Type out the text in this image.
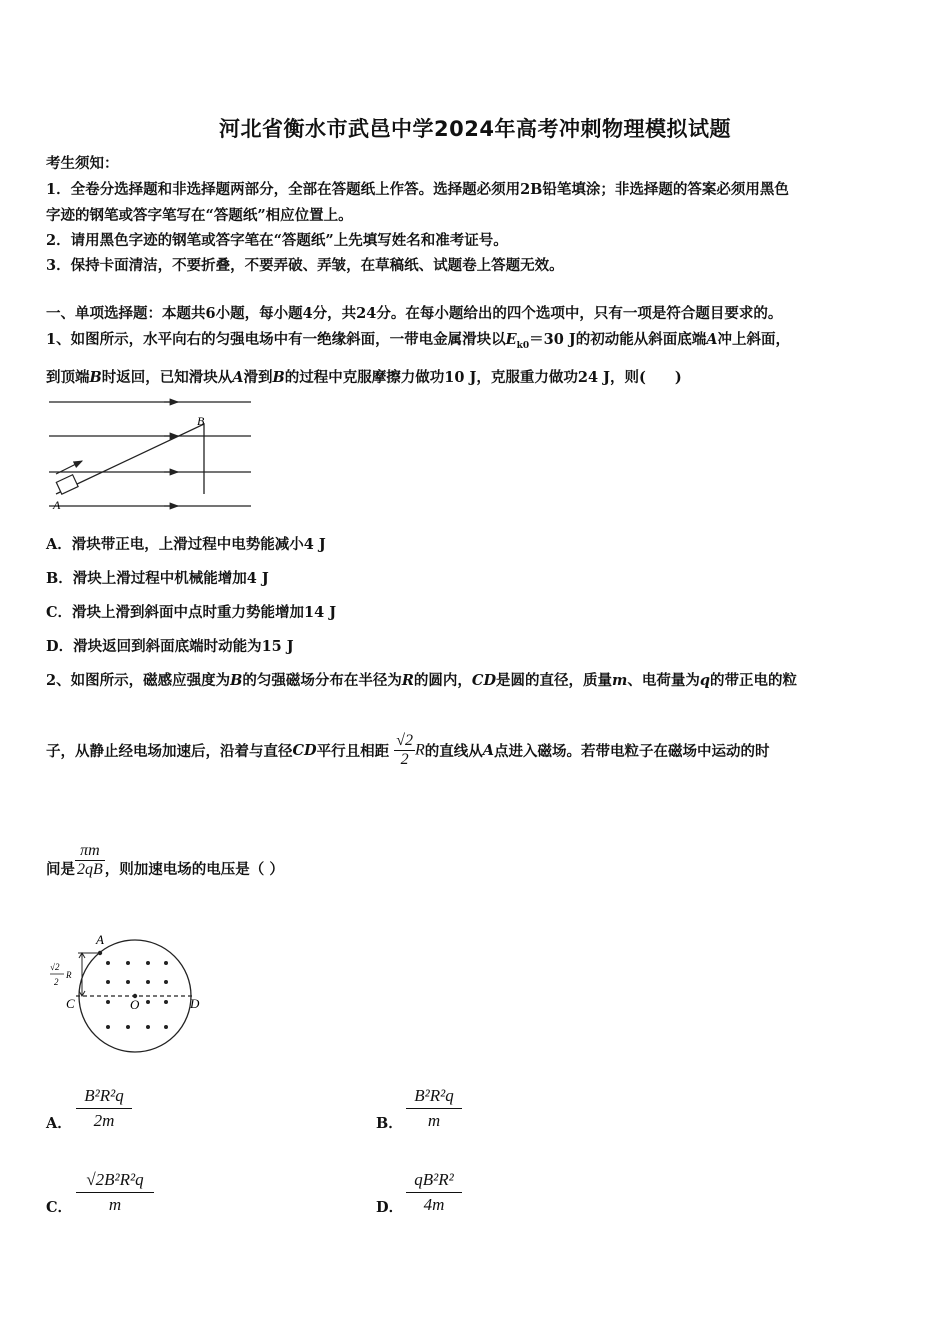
河北省衡水市武邑中学2024年高考冲刺物理模拟试题
考生须知：
1．全卷分选择题和非选择题两部分，全部在答题纸上作答。选择题必须用2B铅笔填涂；非选择题的答案必须用黑色
字迹的钢笔或答字笔写在“答题纸”相应位置上。
2．请用黑色字迹的钢笔或答字笔在“答题纸”上先填写姓名和准考证号。
3．保持卡面清洁，不要折叠，不要弄破、弄皱，在草稿纸、试题卷上答题无效。
一、单项选择题：本题共6小题，每小题4分，共24分。在每小题给出的四个选项中，只有一项是符合题目要求的。
1、如图所示，水平向右的匀强电场中有一绝缘斜面，一带电金属滑块以$E_{k0}=30$ J的初动能从斜面底端A冲上斜面，
到顶端B时返回，已知滑块从A滑到B的过程中克服摩擦力做功10 J，克服重力做功24 J，则(　　)
A
B
A．滑块带正电，上滑过程中电势能减小4 J
B．滑块上滑过程中机械能增加4 J
C．滑块上滑到斜面中点时重力势能增加14 J
D．滑块返回到斜面底端时动能为15 J
2、如图所示，磁感应强度为B的匀强磁场分布在半径为R的圆内，CD是圆的直径，质量m、电荷量为q的带正电的粒
子，从静止经电场加速后，沿着与直径CD平行且相距 $\frac{√2}{2}$ R的直线从A点进入磁场。若带电粒子在磁场中运动的时
间是 $\frac{\pi m}{2qB}$ ，则加速电场的电压是（ ）
A
C	D
O
√2
2
R
A． $\frac{\text{B²R²q}}{2m}$	B． $\frac{\text{B²R²q}}{m}$
C． $\frac{\text{√2B²R²q}}{m}$	D． $\frac{\text{qB²R²}}{4m}$
